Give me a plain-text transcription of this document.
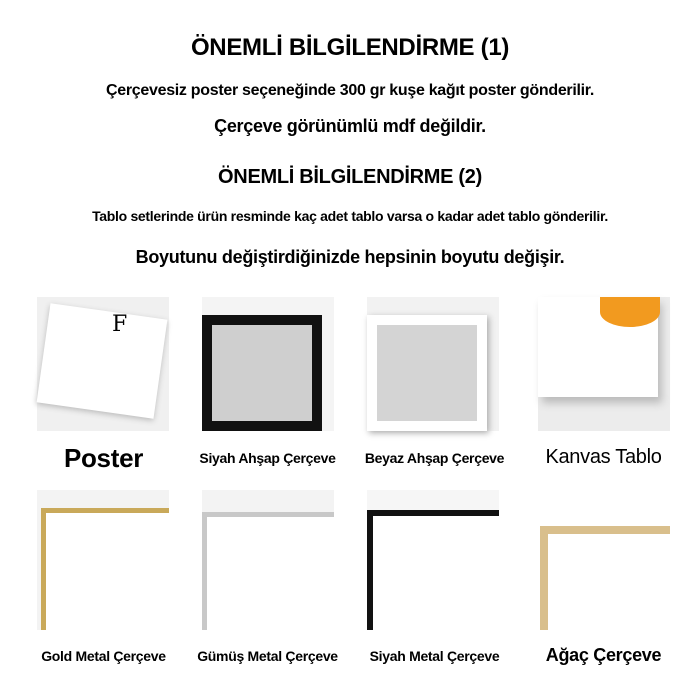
ÖNEMLİ BİLGİLENDİRME (1)
Çerçevesiz poster seçeneğinde 300 gr kuşe kağıt poster gönderilir.
Çerçeve görünümlü mdf değildir.
ÖNEMLİ BİLGİLENDİRME (2)
Tablo setlerinde ürün resminde kaç adet tablo varsa o kadar adet tablo gönderilir.
Boyutunu değiştirdiğinizde hepsinin boyutu değişir.
F
Poster	Siyah Ahşap Çerçeve	Beyaz Ahşap Çerçeve	Kanvas Tablo
Gold Metal Çerçeve	Gümüş Metal Çerçeve	Siyah Metal Çerçeve	Ağaç Çerçeve
